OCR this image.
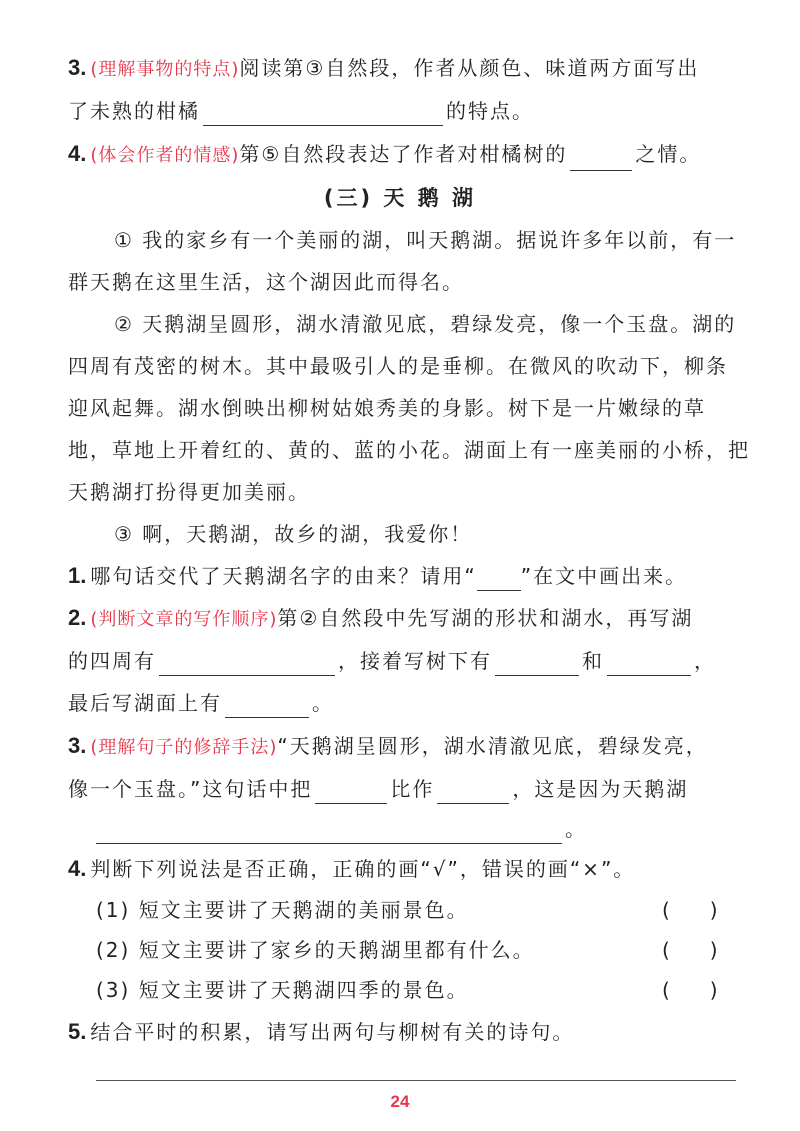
3. (理解事物的特点)阅读第③自然段，作者从颜色、味道两方面写出
了未熟的柑橘	的特点。
4. (体会作者的情感)第⑤自然段表达了作者对柑橘树的	之情。
(三) 天 鹅 湖
① 我的家乡有一个美丽的湖，叫天鹅湖。据说许多年以前，有一
群天鹅在这里生活，这个湖因此而得名。
② 天鹅湖呈圆形，湖水清澈见底，碧绿发亮，像一个玉盘。湖的
四周有茂密的树木。其中最吸引人的是垂柳。在微风的吹动下，柳条
迎风起舞。湖水倒映出柳树姑娘秀美的身影。树下是一片嫩绿的草
地，草地上开着红的、黄的、蓝的小花。湖面上有一座美丽的小桥，把
天鹅湖打扮得更加美丽。
③ 啊，天鹅湖，故乡的湖，我爱你！
1. 哪句话交代了天鹅湖名字的由来？请用“ ”在文中画出来。
2. (判断文章的写作顺序)第②自然段中先写湖的形状和湖水，再写湖
的四周有	，接着写树下有	和	，
最后写湖面上有	。
3. (理解句子的修辞手法)“天鹅湖呈圆形，湖水清澈见底，碧绿发亮，
像一个玉盘。”这句话中把	比作	，这是因为天鹅湖
。
4. 判断下列说法是否正确，正确的画“√”，错误的画“×”。
(1) 短文主要讲了天鹅湖的美丽景色。	(　　)
(2) 短文主要讲了家乡的天鹅湖里都有什么。	(　　)
(3) 短文主要讲了天鹅湖四季的景色。	(　　)
5. 结合平时的积累，请写出两句与柳树有关的诗句。
24
